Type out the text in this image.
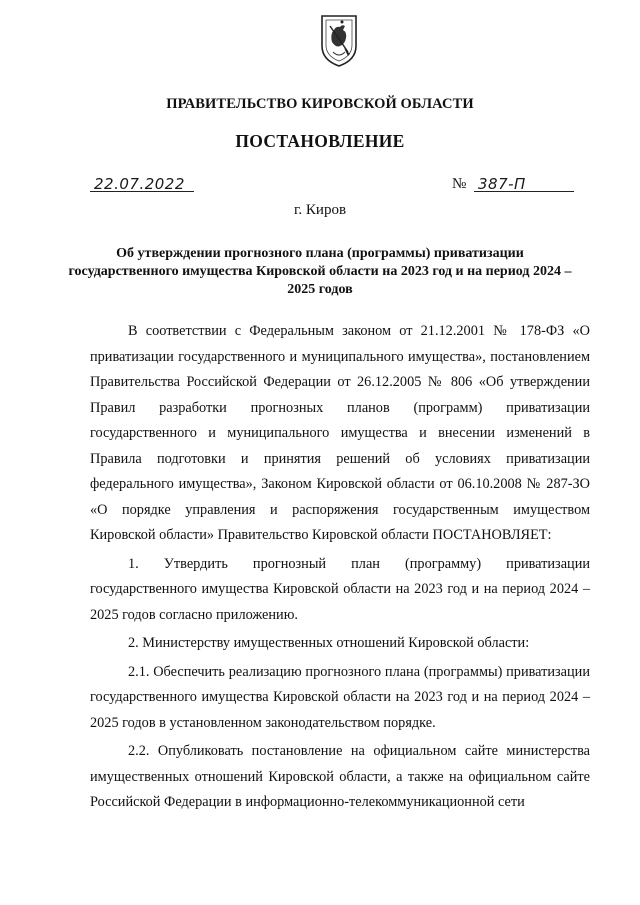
ПРАВИТЕЛЬСТВО КИРОВСКОЙ ОБЛАСТИ
ПОСТАНОВЛЕНИЕ
22.07.2022	№ 387-П
г. Киров
Об утверждении прогнозного плана (программы) приватизации государственного имущества Кировской области на 2023 год и на период 2024 – 2025 годов

В соответствии с Федеральным законом от 21.12.2001 № 178-ФЗ «О приватизации государственного и муниципального имущества», постановлением Правительства Российской Федерации от 26.12.2005 № 806 «Об утверждении Правил разработки прогнозных планов (программ) приватизации государственного и муниципального имущества и внесении изменений в Правила подготовки и принятия решений об условиях приватизации федерального имущества», Законом Кировской области от 06.10.2008 № 287-ЗО «О порядке управления и распоряжения государственным имуществом Кировской области» Правительство Кировской области ПОСТАНОВЛЯЕТ:

1. Утвердить прогнозный план (программу) приватизации государственного имущества Кировской области на 2023 год и на период 2024 – 2025 годов согласно приложению.

2. Министерству имущественных отношений Кировской области:

2.1. Обеспечить реализацию прогнозного плана (программы) приватизации государственного имущества Кировской области на 2023 год и на период 2024 – 2025 годов в установленном законодательством порядке.

2.2. Опубликовать постановление на официальном сайте министерства имущественных отношений Кировской области, а также на официальном сайте Российской Федерации в информационно-телекоммуникационной сети
